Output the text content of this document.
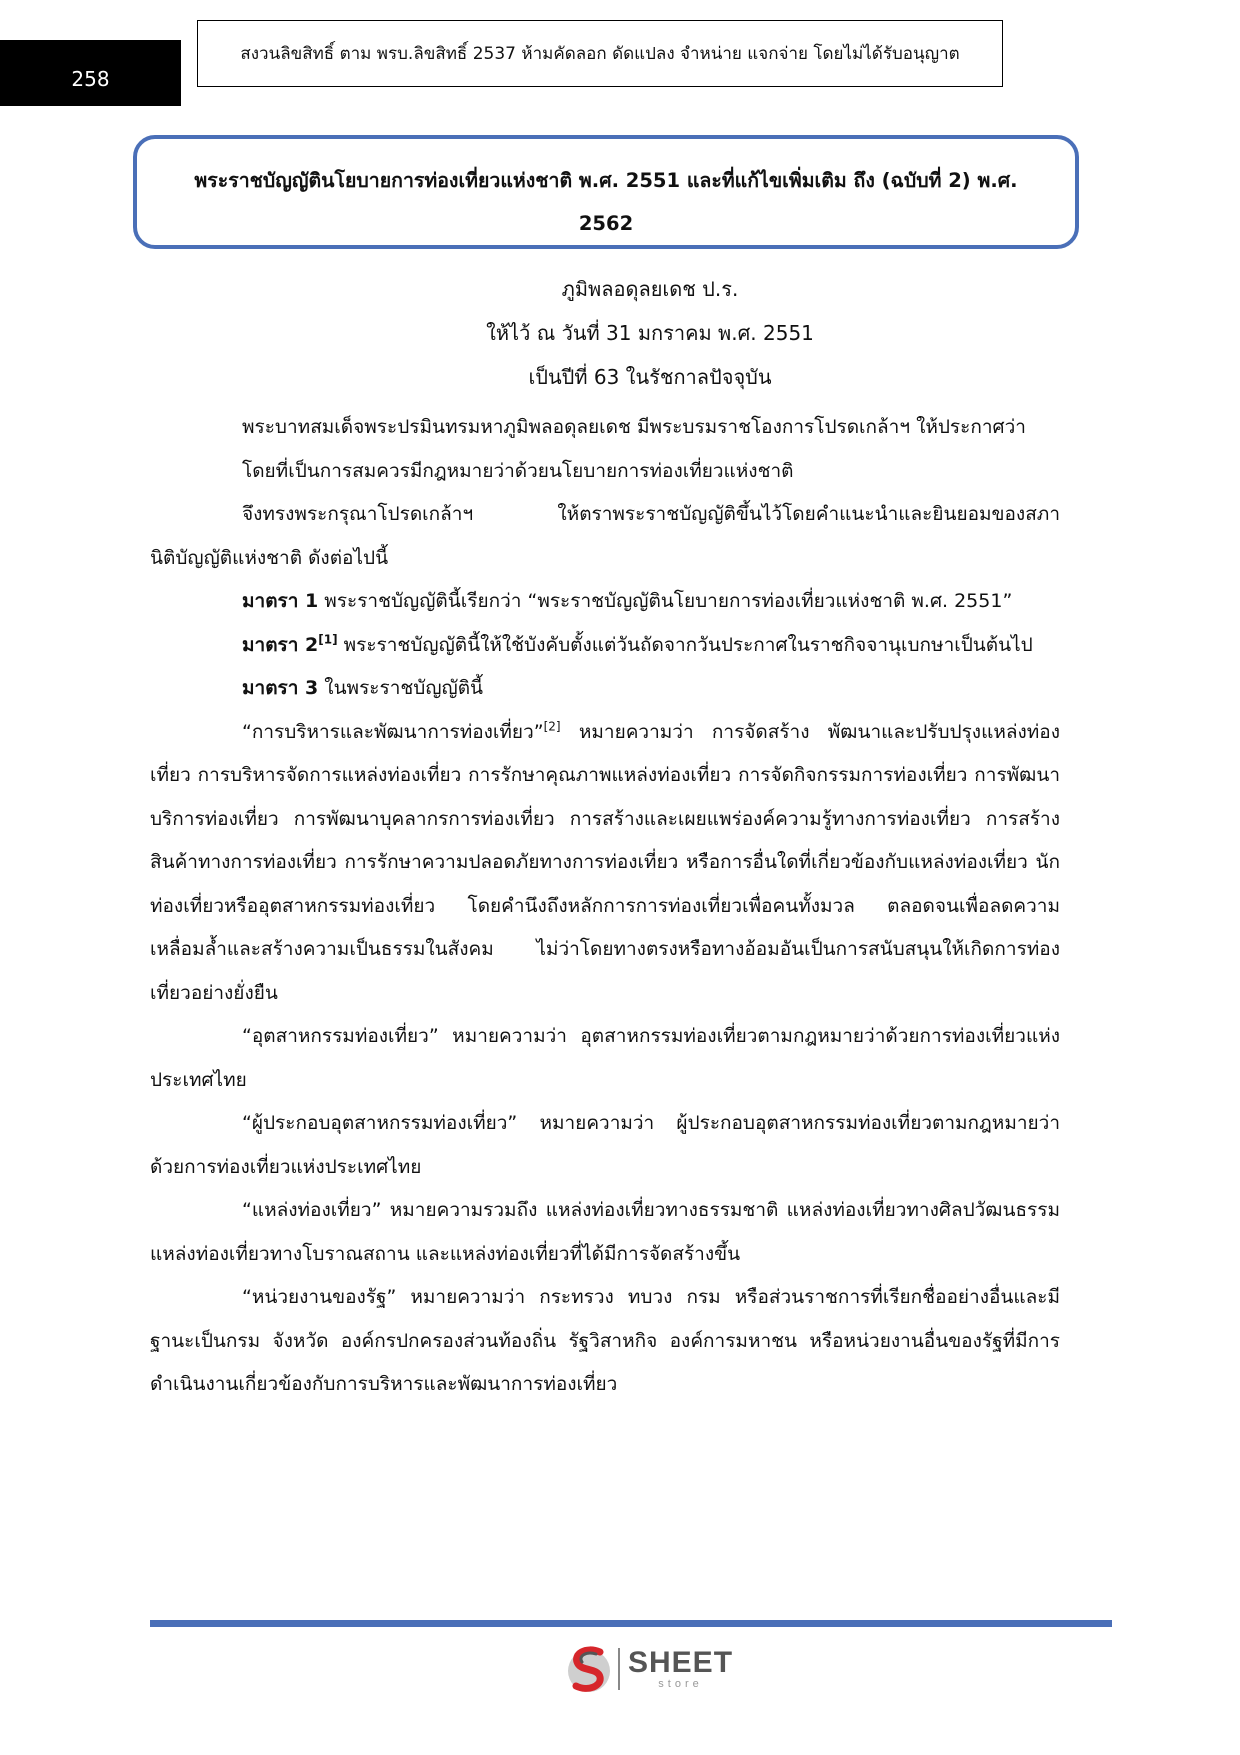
258
สงวนลิขสิทธิ์ ตาม พรบ.ลิขสิทธิ์ 2537 ห้ามคัดลอก ดัดแปลง จำหน่าย แจกจ่าย โดยไม่ได้รับอนุญาต
พระราชบัญญัตินโยบายการท่องเที่ยวแห่งชาติ พ.ศ. 2551 และที่แก้ไขเพิ่มเติม ถึง (ฉบับที่ 2) พ.ศ.
2562
ภูมิพลอดุลยเดช ป.ร.
ให้ไว้ ณ วันที่ 31 มกราคม พ.ศ. 2551
เป็นปีที่ 63 ในรัชกาลปัจจุบัน

พระบาทสมเด็จพระปรมินทรมหาภูมิพลอดุลยเดช มีพระบรมราชโองการโปรดเกล้าฯ ให้ประกาศว่า

โดยที่เป็นการสมควรมีกฎหมายว่าด้วยนโยบายการท่องเที่ยวแห่งชาติ

จึงทรงพระกรุณาโปรดเกล้าฯ ให้ตราพระราชบัญญัติขึ้นไว้โดยคำแนะนำและยินยอมของสภานิติบัญญัติแห่งชาติ ดังต่อไปนี้

มาตรา 1 พระราชบัญญัตินี้เรียกว่า “พระราชบัญญัตินโยบายการท่องเที่ยวแห่งชาติ พ.ศ. 2551”

มาตรา 2[1] พระราชบัญญัตินี้ให้ใช้บังคับตั้งแต่วันถัดจากวันประกาศในราชกิจจานุเบกษาเป็นต้นไป

มาตรา 3 ในพระราชบัญญัตินี้

“การบริหารและพัฒนาการท่องเที่ยว”[2] หมายความว่า การจัดสร้าง พัฒนาและปรับปรุงแหล่งท่องเที่ยว การบริหารจัดการแหล่งท่องเที่ยว การรักษาคุณภาพแหล่งท่องเที่ยว การจัดกิจกรรมการท่องเที่ยว การพัฒนาบริการท่องเที่ยว การพัฒนาบุคลากรการท่องเที่ยว การสร้างและเผยแพร่องค์ความรู้ทางการท่องเที่ยว การสร้างสินค้าทางการท่องเที่ยว การรักษาความปลอดภัยทางการท่องเที่ยว หรือการอื่นใดที่เกี่ยวข้องกับแหล่งท่องเที่ยว นักท่องเที่ยวหรืออุตสาหกรรมท่องเที่ยว โดยคำนึงถึงหลักการการท่องเที่ยวเพื่อคนทั้งมวล ตลอดจนเพื่อลดความเหลื่อมล้ำและสร้างความเป็นธรรมในสังคม ไม่ว่าโดยทางตรงหรือทางอ้อมอันเป็นการสนับสนุนให้เกิดการท่องเที่ยวอย่างยั่งยืน

“อุตสาหกรรมท่องเที่ยว” หมายความว่า อุตสาหกรรมท่องเที่ยวตามกฎหมายว่าด้วยการท่องเที่ยวแห่งประเทศไทย

“ผู้ประกอบอุตสาหกรรมท่องเที่ยว” หมายความว่า ผู้ประกอบอุตสาหกรรมท่องเที่ยวตามกฎหมายว่าด้วยการท่องเที่ยวแห่งประเทศไทย

“แหล่งท่องเที่ยว” หมายความรวมถึง แหล่งท่องเที่ยวทางธรรมชาติ แหล่งท่องเที่ยวทางศิลปวัฒนธรรม แหล่งท่องเที่ยวทางโบราณสถาน และแหล่งท่องเที่ยวที่ได้มีการจัดสร้างขึ้น

“หน่วยงานของรัฐ” หมายความว่า กระทรวง ทบวง กรม หรือส่วนราชการที่เรียกชื่ออย่างอื่นและมีฐานะเป็นกรม จังหวัด องค์กรปกครองส่วนท้องถิ่น รัฐวิสาหกิจ องค์การมหาชน หรือหน่วยงานอื่นของรัฐที่มีการดำเนินงานเกี่ยวข้องกับการบริหารและพัฒนาการท่องเที่ยว

SHEET
store
